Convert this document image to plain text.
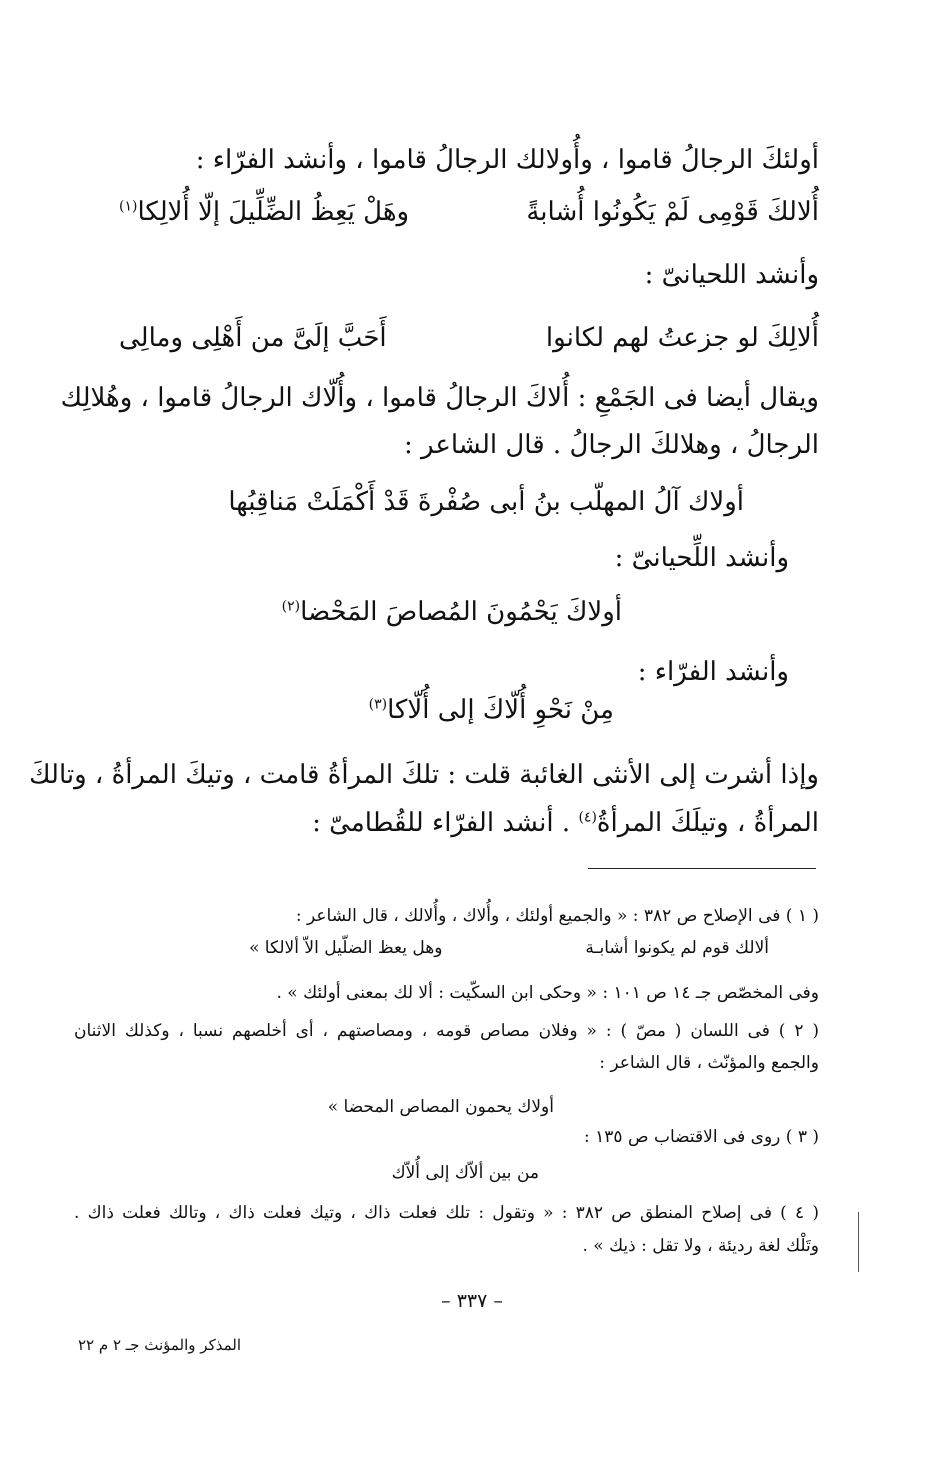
أولئكَ الرجالُ قاموا ، وأُولالك الرجالُ قاموا ، وأنشد الفرّاء :
أُلالكَ قَوْمِى لَمْ يَكُونُوا أُشابةً
وهَلْ يَعِظُ الضِّلِّيلَ إلّا أُلالِكا$^{(١)}$
وأنشد اللحيانىّ :
أُلالِكَ لو جزعتُ لهم لكانوا
أَحَبَّ إلَىَّ من أَهْلِى ومالِى
ويقال أيضا فى الجَمْعِ : أُلاكَ الرجالُ قاموا ، وأُلّاك الرجالُ قاموا ، وهُلالِك
الرجالُ ، وهلالكَ الرجالُ . قال الشاعر :
أولاك آلُ المهلّب بنُ أبى صُفْرةَ قَدْ أَكْمَلَتْ مَناقِبُها
وأنشد اللِّحيانىّ :
أولاكَ يَحْمُونَ المُصاصَ المَحْضا$^{(٢)}$
وأنشد الفرّاء :
مِنْ نَحْوِ أُلّاكَ إلى أُلّاكا$^{(٣)}$
وإذا أشرت إلى الأنثى الغائبة قلت : تلكَ المرأةُ قامت ، وتيكَ المرأةُ ، وتالكَ
المرأةُ ، وتيلَكَ المرأةُ$^{(٤)}$ . أنشد الفرّاء للقُطامىّ :
( ١ ) فى الإصلاح ص ٣٨٢ : « والجميع أولئك ، وأُلاك ، وأُلالك ، قال الشاعر :
ألالك قوم لم يكونوا أشابـة
وهل يعظ الضلّيل الاّ ألالكا »
وفى المخصّص جـ ١٤ ص ١٠١ : « وحكى ابن السكّيت : ألا لك بمعنى أولئك » .
( ٢ ) فى اللسان ( مصّ ) : « وفلان مصاص قومه ، ومصاصتهم ، أى أخلصهم نسبا ، وكذلك الاثنان
والجمع والمؤنّث ، قال الشاعر :
أولاك يحمون المصاص المحضا »
( ٣ ) روى فى الاقتضاب ص ١٣٥ :
من بين ألاّك إلى أُلاّك
( ٤ ) فى إصلاح المنطق ص ٣٨٢ : « وتقول : تلك فعلت ذاك ، وتيك فعلت ذاك ، وتالك فعلت ذاك .
وتَلْك لغة رديئة ، ولا تقل : ذيك » .
– ٣٣٧ –
المذكر والمؤنث جـ ٢ م ٢٢
